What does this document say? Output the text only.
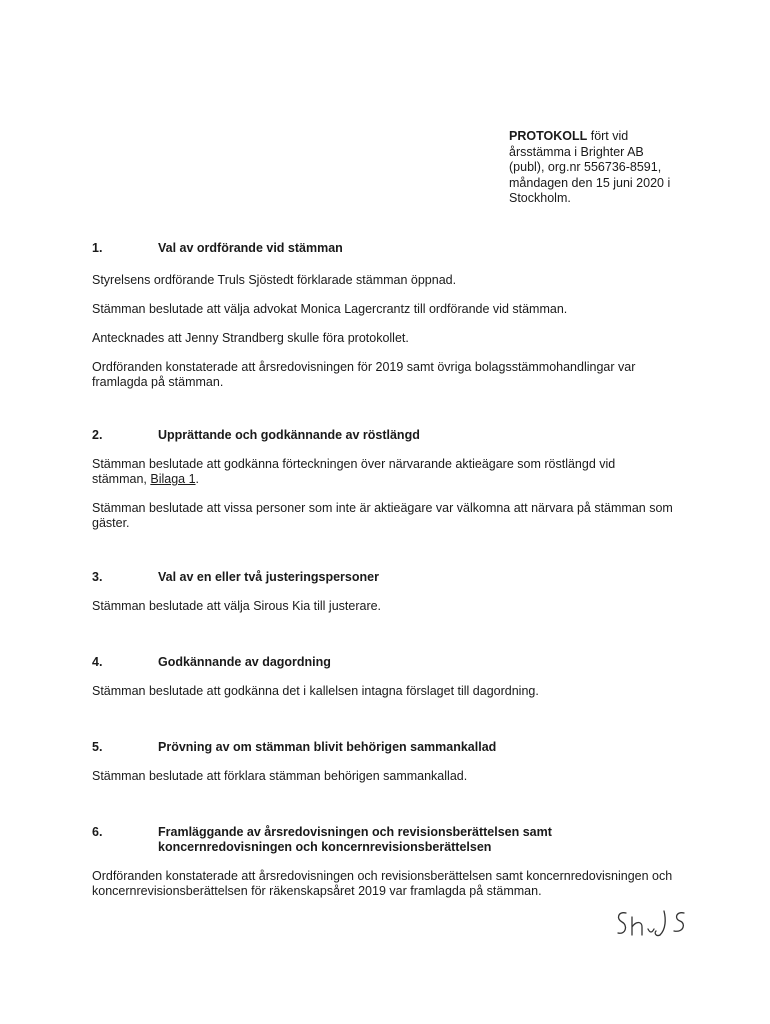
PROTOKOLL fört vid
årsstämma i Brighter AB
(publ), org.nr 556736-8591,
måndagen den 15 juni 2020 i
Stockholm.
1.	Val av ordförande vid stämman

Styrelsens ordförande Truls Sjöstedt förklarade stämman öppnad.

Stämman beslutade att välja advokat Monica Lagercrantz till ordförande vid stämman.

Antecknades att Jenny Strandberg skulle föra protokollet.

Ordföranden konstaterade att årsredovisningen för 2019 samt övriga bolagsstämmohandlingar var framlagda på stämman.

2.	Upprättande och godkännande av röstlängd

Stämman beslutade att godkänna förteckningen över närvarande aktieägare som röstlängd vid stämman, Bilaga 1.

Stämman beslutade att vissa personer som inte är aktieägare var välkomna att närvara på stämman som gäster.

3.	Val av en eller två justeringspersoner

Stämman beslutade att välja Sirous Kia till justerare.

4.	Godkännande av dagordning

Stämman beslutade att godkänna det i kallelsen intagna förslaget till dagordning.

5.	Prövning av om stämman blivit behörigen sammankallad

Stämman beslutade att förklara stämman behörigen sammankallad.

6.	Framläggande av årsredovisningen och revisionsberättelsen samt koncernredovisningen och koncernrevisionsberättelsen

Ordföranden konstaterade att årsredovisningen och revisionsberättelsen samt koncernredovisningen och koncernrevisionsberättelsen för räkenskapsåret 2019 var framlagda på stämman.
